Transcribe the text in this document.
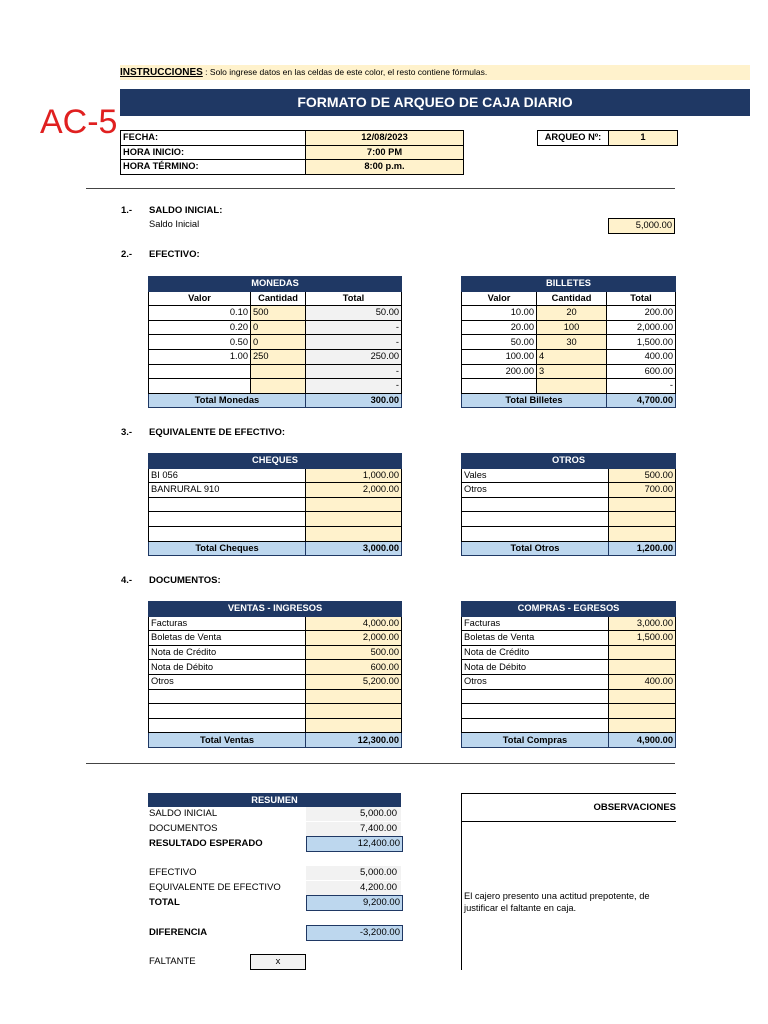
INSTRUCCIONES : Solo ingrese datos en las celdas de este color, el resto contiene fórmulas.
FORMATO DE ARQUEO DE CAJA DIARIO
AC-5 FECHA:	12/08/2023
HORA INICIO:	7:00 PM
HORA TÉRMINO:	8:00 p.m.
ARQUEO Nº:	1
1.- SALDO INICIAL:
Saldo Inicial	5,000.00
2.- EFECTIVO:
MONEDAS		
Valor	Cantidad	Total
0.10	500	50.00
0.20	0	-
0.50	0	-
1.00	250	250.00
		-
		-
Total Monedas		300.00
BILLETES		
Valor	Cantidad	Total
10.00	20	200.00
20.00	100	2,000.00
50.00	30	1,500.00
100.00	4	400.00
200.00	3	600.00
		-
Total Billetes		4,700.00
3.- EQUIVALENTE DE EFECTIVO:
CHEQUES	
BI 056	1,000.00
BANRURAL 910	2,000.00

Total Cheques	3,000.00
OTROS	
Vales	500.00
Otros	700.00

Total Otros	1,200.00
4.- DOCUMENTOS:
VENTAS - INGRESOS	
Facturas	4,000.00
Boletas de Venta	2,000.00
Nota de Crédito	500.00
Nota de Débito	600.00
Otros	5,200.00

Total Ventas	12,300.00
COMPRAS - EGRESOS	
Facturas	3,000.00
Boletas de Venta	1,500.00
Nota de Crédito	
Nota de Débito	
Otros	400.00

Total Compras	4,900.00
RESUMEN
SALDO INICIAL	5,000.00
DOCUMENTOS	7,400.00
RESULTADO ESPERADO	12,400.00
EFECTIVO	5,000.00
EQUIVALENTE DE EFECTIVO	4,200.00
TOTAL	9,200.00
DIFERENCIA	-3,200.00
FALTANTE	x
OBSERVACIONES
El cajero presento una actitud prepotente, de justificar el faltante en caja.
